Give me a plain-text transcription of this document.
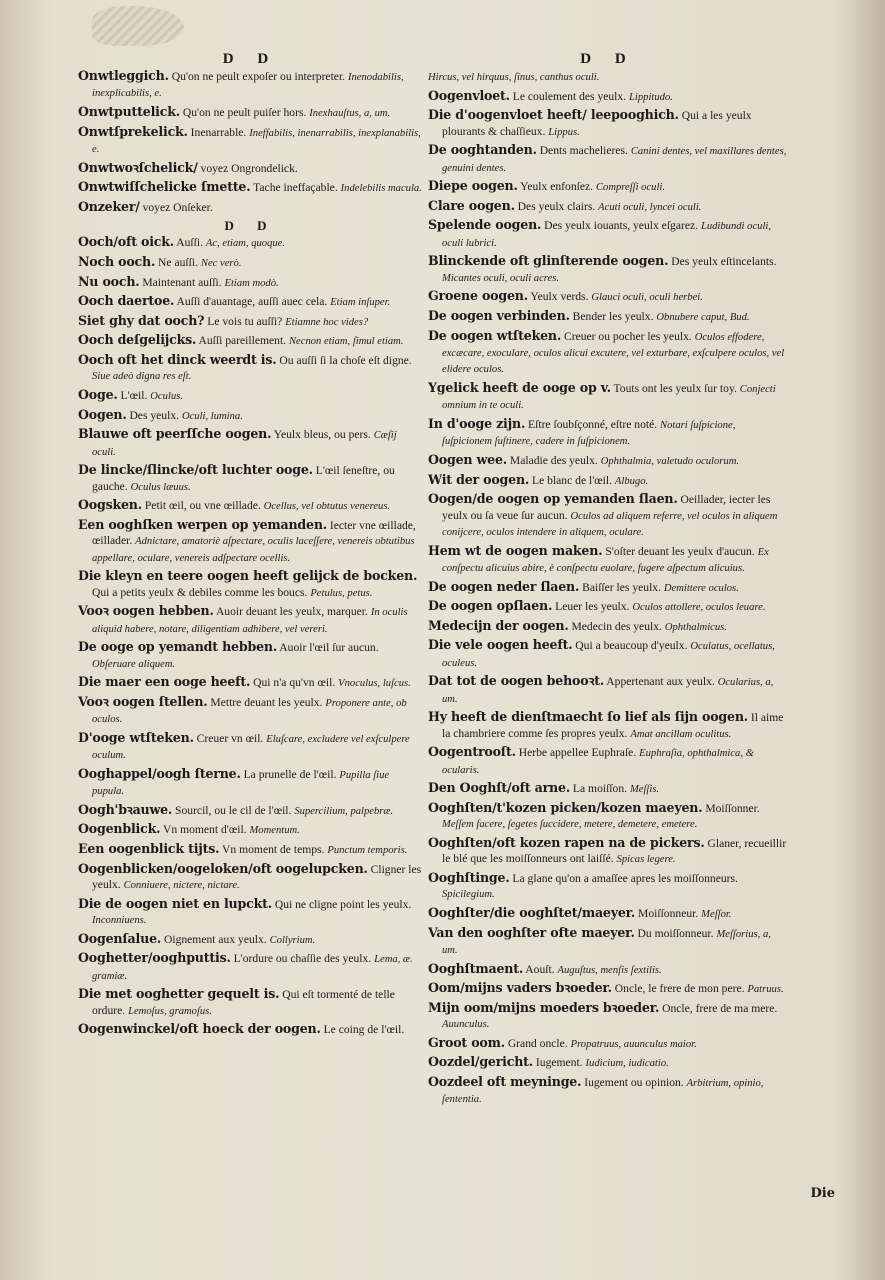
D D

Onwtleggich. Qu'on ne peult expoſer ou interpreter. Inenodabilis, inexplicabilis, e.

Onwtputtelick. Qu'on ne peult puiſer hors. Inexhauſtus, a, um.

Onwtſprekelick. Inenarrable. Ineffabilis, inenarrabilis, inexplanabilis, e.

Onwtwoꝛſchelick/ voyez Ongrondelick.

Onwtwiſſchelicke ſmette. Tache ineffaçable. Indelebilis macula.

Onzeker/ voyez Onſeker.

D D

Ooch/oft oick. Auſſi. Ac, etiam, quoque.

Noch ooch. Ne auſſi. Nec verò.

Nu ooch. Maintenant auſſi. Etiam modò.

Ooch daertoe. Auſſi d'auantage, auſſi auec cela. Etiam inſuper.

Siet ghy dat ooch? Le vois tu auſſi? Etiamne hoc vides?

Ooch deſgelijcks. Auſſi pareillement. Necnon etiam, ſimul etiam.

Ooch oft het dinck weerdt is. Ou auſſi ſi la choſe eſt digne. Siue adeò digna res eſt.

Ooge. L'œil. Oculus.

Oogen. Des yeulx. Oculi, lumina.

Blauwe oft peerſſche oogen. Yeulx bleus, ou pers. Cæſij oculi.

De lincke/ſlincke/oft luchter ooge. L'œil ſeneſtre, ou gauche. Oculus læuus.

Oogsken. Petit œil, ou vne œillade. Ocellus, vel obtutus venereus.

Een ooghſken werpen op yemanden. Iecter vne œillade, œillader. Adnictare, amatoriè aſpectare, oculis laceſſere, venereis obtutibus appellare, oculare, venereis adſpectare ocellis.

Die kleyn en teere oogen heeft gelijck de bocken. Qui a petits yeulx & debiles comme les boucs. Petulus, petus.

Vooꝛ oogen hebben. Auoir deuant les yeulx, marquer. In oculis aliquid habere, notare, diligentiam adhibere, vel vereri.

De ooge op yemandt hebben. Auoir l'œil ſur aucun. Obſeruare aliquem.

Die maer een ooge heeft. Qui n'a qu'vn œil. Vnoculus, luſcus.

Vooꝛ oogen ſtellen. Mettre deuant les yeulx. Proponere ante, ob oculos.

D'ooge wtſteken. Creuer vn œil. Eluſcare, excludere vel exſculpere oculum.

Ooghappel/oogh ſterne. La prunelle de l'œil. Pupilla ſiue pupula.

Oogh'bꝛauwe. Sourcil, ou le cil de l'œil. Supercilium, palpebræ.

Oogenblick. Vn moment d'œil. Momentum.

Een oogenblick tijts. Vn moment de temps. Punctum temporis.

Oogenblicken/oogeloken/oft oogelupcken. Cligner les yeulx. Conniuere, nictere, nictare.

Die de oogen niet en lupckt. Qui ne cligne point les yeulx. Inconniuens.

Oogenſalue. Oignement aux yeulx. Collyrium.

Ooghetter/ooghputtis. L'ordure ou chaſſie des yeulx. Lema, æ. gramiæ.

Die met ooghetter gequelt is. Qui eſt tormenté de telle ordure. Lemoſus, gramoſus.

Oogenwinckel/oft hoeck der oogen. Le coing de l'œil.

D D

Hircus, vel hirquus, ſinus, canthus oculi.

Oogenvloet. Le coulement des yeulx. Lippitudo.

Die d'oogenvloet heeft/ leepooghich. Qui a les yeulx plourants & chaſſieux. Lippus.

De ooghtanden. Dents machelieres. Canini dentes, vel maxillares dentes, genuini dentes.

Diepe oogen. Yeulx enfonſez. Compreſſi oculi.

Clare oogen. Des yeulx clairs. Acuti oculi, lyncei oculi.

Spelende oogen. Des yeulx iouants, yeulx eſgarez. Ludibundi oculi, oculi lubrici.

Blinckende oft glinſterende oogen. Des yeulx eſtincelants. Micantes oculi, oculi acres.

Groene oogen. Yeulx verds. Glauci oculi, oculi herbei.

De oogen verbinden. Bender les yeulx. Obnubere caput, Bud.

De oogen wtſteken. Creuer ou pocher les yeulx. Oculos effodere, excæcare, exoculare, oculos alicui excutere, vel exturbare, exſculpere oculos, vel elidere oculos.

Ygelick heeft de ooge op v. Touts ont les yeulx ſur toy. Conjecti omnium in te oculi.

In d'ooge zijn. Eſtre ſoubſçonné, eſtre noté. Notari ſuſpicione, ſuſpicionem ſuſtinere, cadere in ſuſpicionem.

Oogen wee. Maladie des yeulx. Ophthalmia, valetudo oculorum.

Wit der oogen. Le blanc de l'œil. Albugo.

Oogen/de oogen op yemanden ſlaen. Oeillader, iecter les yeulx ou ſa veue ſur aucun. Oculos ad aliquem referre, vel oculos in aliquem conijcere, oculos intendere in aliquem, oculare.

Hem wt de oogen maken. S'oſter deuant les yeulx d'aucun. Ex conſpectu alicuius abire, è conſpectu euolare, fugere aſpectum alicuius.

De oogen neder ſlaen. Baiſſer les yeulx. Demittere oculos.

De oogen opſlaen. Leuer les yeulx. Oculos attollere, oculos leuare.

Medecijn der oogen. Medecin des yeulx. Ophthalmicus.

Die vele oogen heeft. Qui a beaucoup d'yeulx. Oculatus, ocellatus, oculeus.

Dat tot de oogen behooꝛt. Appertenant aux yeulx. Ocularius, a, um.

Hy heeft de dienſtmaecht ſo lief als ſijn oogen. Il aime la chambriere comme ſes propres yeulx. Amat ancillam oculitus.

Oogentrooſt. Herbe appellee Euphraſe. Euphraſia, ophthalmica, & ocularis.

Den Ooghſt/oft arne. La moiſſon. Meſſis.

Ooghſten/t'kozen picken/kozen maeyen. Moiſſonner. Meſſem facere, ſegetes ſuccidere, metere, demetere, emetere.

Ooghſten/oft kozen rapen na de pickers. Glaner, recueillir le blé que les moiſſonneurs ont laiſſé. Spicas legere.

Ooghſtinge. La glane qu'on a amaſſee apres les moiſſonneurs. Spicilegium.

Ooghſter/die ooghſtet/maeyer. Moiſſonneur. Meſſor.

Van den ooghſter ofte maeyer. Du moiſſonneur. Meſſorius, a, um.

Ooghſtmaent. Aouſt. Auguſtus, menſis ſextilis.

Oom/mijns vaders bꝛoeder. Oncle, le frere de mon pere. Patruus.

Mijn oom/mijns moeders bꝛoeder. Oncle, frere de ma mere. Auunculus.

Groot oom. Grand oncle. Propatruus, auunculus maior.

Oozdel/gericht. Iugement. Iudicium, iudicatio.

Oozdeel oft meyninge. Iugement ou opinion. Arbitrium, opinio, ſententia.

Die
